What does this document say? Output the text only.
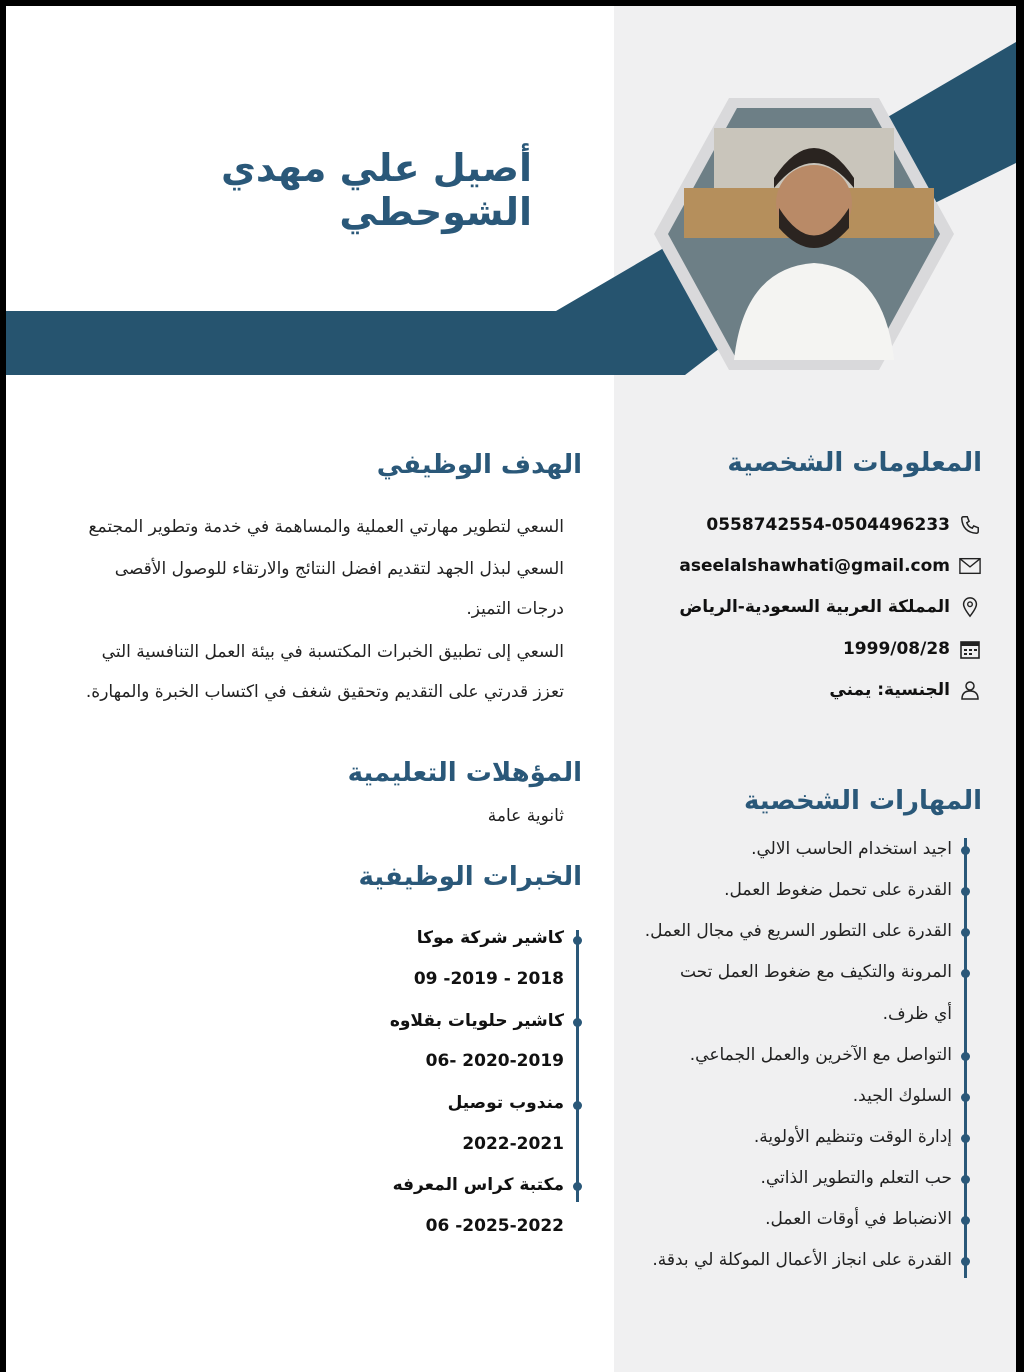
أصيل علي مهدي الشوحطي
المعلومات الشخصية
0558742554-0504496233
aseelalshawhati@gmail.com
المملكة العربية السعودية-الرياض
1999/08/28
الجنسية: يمني
الهدف الوظيفي
السعي لتطوير مهارتي العملية والمساهمة في خدمة وتطوير المجتمع
السعي لبذل الجهد لتقديم افضل النتائج والارتقاء للوصول الأقصى
درجات التميز.
السعي إلى تطبيق الخبرات المكتسبة في بيئة العمل التنافسية التي
تعزز قدرتي على التقديم وتحقيق شغف في اكتساب الخبرة والمهارة.
المؤهلات التعليمية
ثانوية عامة
الخبرات الوظيفية
كاشير شركة موكا
09 -2019 - 2018
كاشير حلويات بقلاوه
06- 2020-2019
مندوب توصيل
2022-2021
مكتبة كراس المعرفه
06 -2025-2022
المهارات الشخصية
اجيد استخدام الحاسب الالي.
القدرة على تحمل ضغوط العمل.
القدرة على التطور السريع في مجال العمل.
المرونة والتكيف مع ضغوط العمل تحت
أي ظرف.
التواصل مع الآخرين والعمل الجماعي.
السلوك الجيد.
إدارة الوقت وتنظيم الأولوية.
حب التعلم والتطوير الذاتي.
الانضباط في أوقات العمل.
القدرة على انجاز الأعمال الموكلة لي بدقة.
